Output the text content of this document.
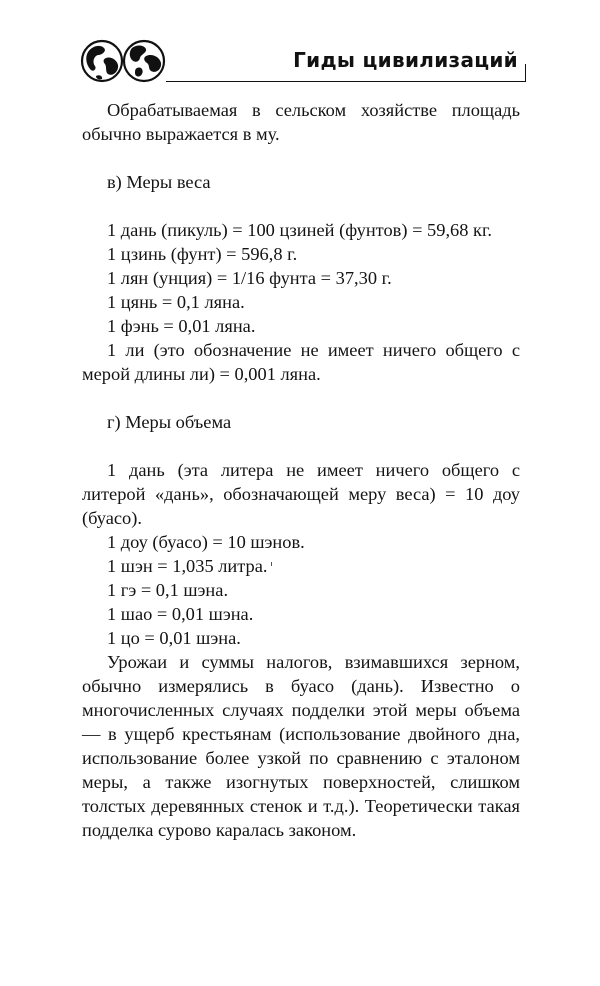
Гиды цивилизаций

Обрабатываемая в сельском хозяйстве площадь обычно выражается в му.

в) Меры веса

1 дань (пикуль) = 100 цзиней (фунтов) = 59,68 кг.

1 цзинь (фунт) = 596,8 г.

1 лян (унция) = 1/16 фунта = 37,30 г.

1 цянь = 0,1 ляна.

1 фэнь = 0,01 ляна.

1 ли (это обозначение не имеет ничего общего с мерой длины ли) = 0,001 ляна.

г) Меры объема

1 дань (эта литера не имеет ничего общего с литерой «дань», обозначающей меру веса) = 10 доу (буасо).

1 доу (буасо) = 10 шэнов.

1 шэн = 1,035 литра.

1 гэ = 0,1 шэна.

1 шао = 0,01 шэна.

1 цо = 0,01 шэна.

Урожаи и суммы налогов, взимавшихся зерном, обычно измерялись в буасо (дань). Известно о многочисленных случаях подделки этой меры объема — в ущерб крестьянам (использование двойного дна, использование более узкой по сравнению с эталоном меры, а также изогнутых поверхностей, слишком толстых деревянных стенок и т.д.). Теоретически такая подделка сурово каралась законом.
